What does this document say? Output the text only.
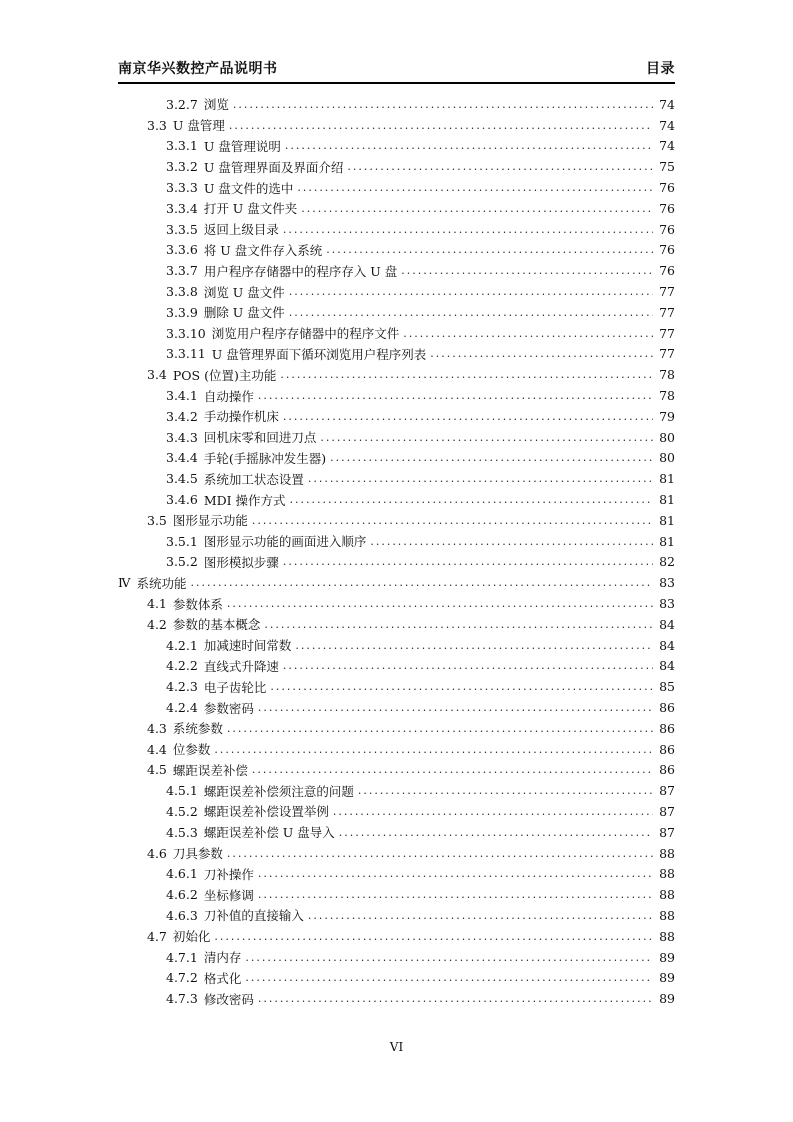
南京华兴数控产品说明书	目录
3.2.7 浏览 .....	74
3.3 U 盘管理 .....	74
3.3.1 U 盘管理说明 .....	74
3.3.2 U 盘管理界面及界面介绍 .....	75
3.3.3 U 盘文件的选中 .....	76
3.3.4 打开 U 盘文件夹 .....	76
3.3.5 返回上级目录 .....	76
3.3.6 将 U 盘文件存入系统 .....	76
3.3.7 用户程序存储器中的程序存入 U 盘 .....	76
3.3.8 浏览 U 盘文件 .....	77
3.3.9 删除 U 盘文件 .....	77
3.3.10 浏览用户程序存储器中的程序文件 .....	77
3.3.11 U 盘管理界面下循环浏览用户程序列表 .....	77
3.4 POS (位置)主功能 .....	78
3.4.1 自动操作 .....	78
3.4.2 手动操作机床 .....	79
3.4.3 回机床零和回进刀点 .....	80
3.4.4 手轮(手摇脉冲发生器) .....	80
3.4.5 系统加工状态设置 .....	81
3.4.6 MDI 操作方式 .....	81
3.5 图形显示功能 .....	81
3.5.1 图形显示功能的画面进入顺序 .....	81
3.5.2 图形模拟步骤 .....	82
Ⅳ 系统功能 .....	83
4.1 参数体系 .....	83
4.2 参数的基本概念 .....	84
4.2.1 加减速时间常数 .....	84
4.2.2 直线式升降速 .....	84
4.2.3 电子齿轮比 .....	85
4.2.4 参数密码 .....	86
4.3 系统参数 .....	86
4.4 位参数 .....	86
4.5 螺距误差补偿 .....	86
4.5.1 螺距误差补偿须注意的问题 .....	87
4.5.2 螺距误差补偿设置举例 .....	87
4.5.3 螺距误差补偿 U 盘导入 .....	87
4.6 刀具参数 .....	88
4.6.1 刀补操作 .....	88
4.6.2 坐标修调 .....	88
4.6.3 刀补值的直接输入 .....	88
4.7 初始化 .....	88
4.7.1 清内存 .....	89
4.7.2 格式化 .....	89
4.7.3 修改密码 .....	89
VI
